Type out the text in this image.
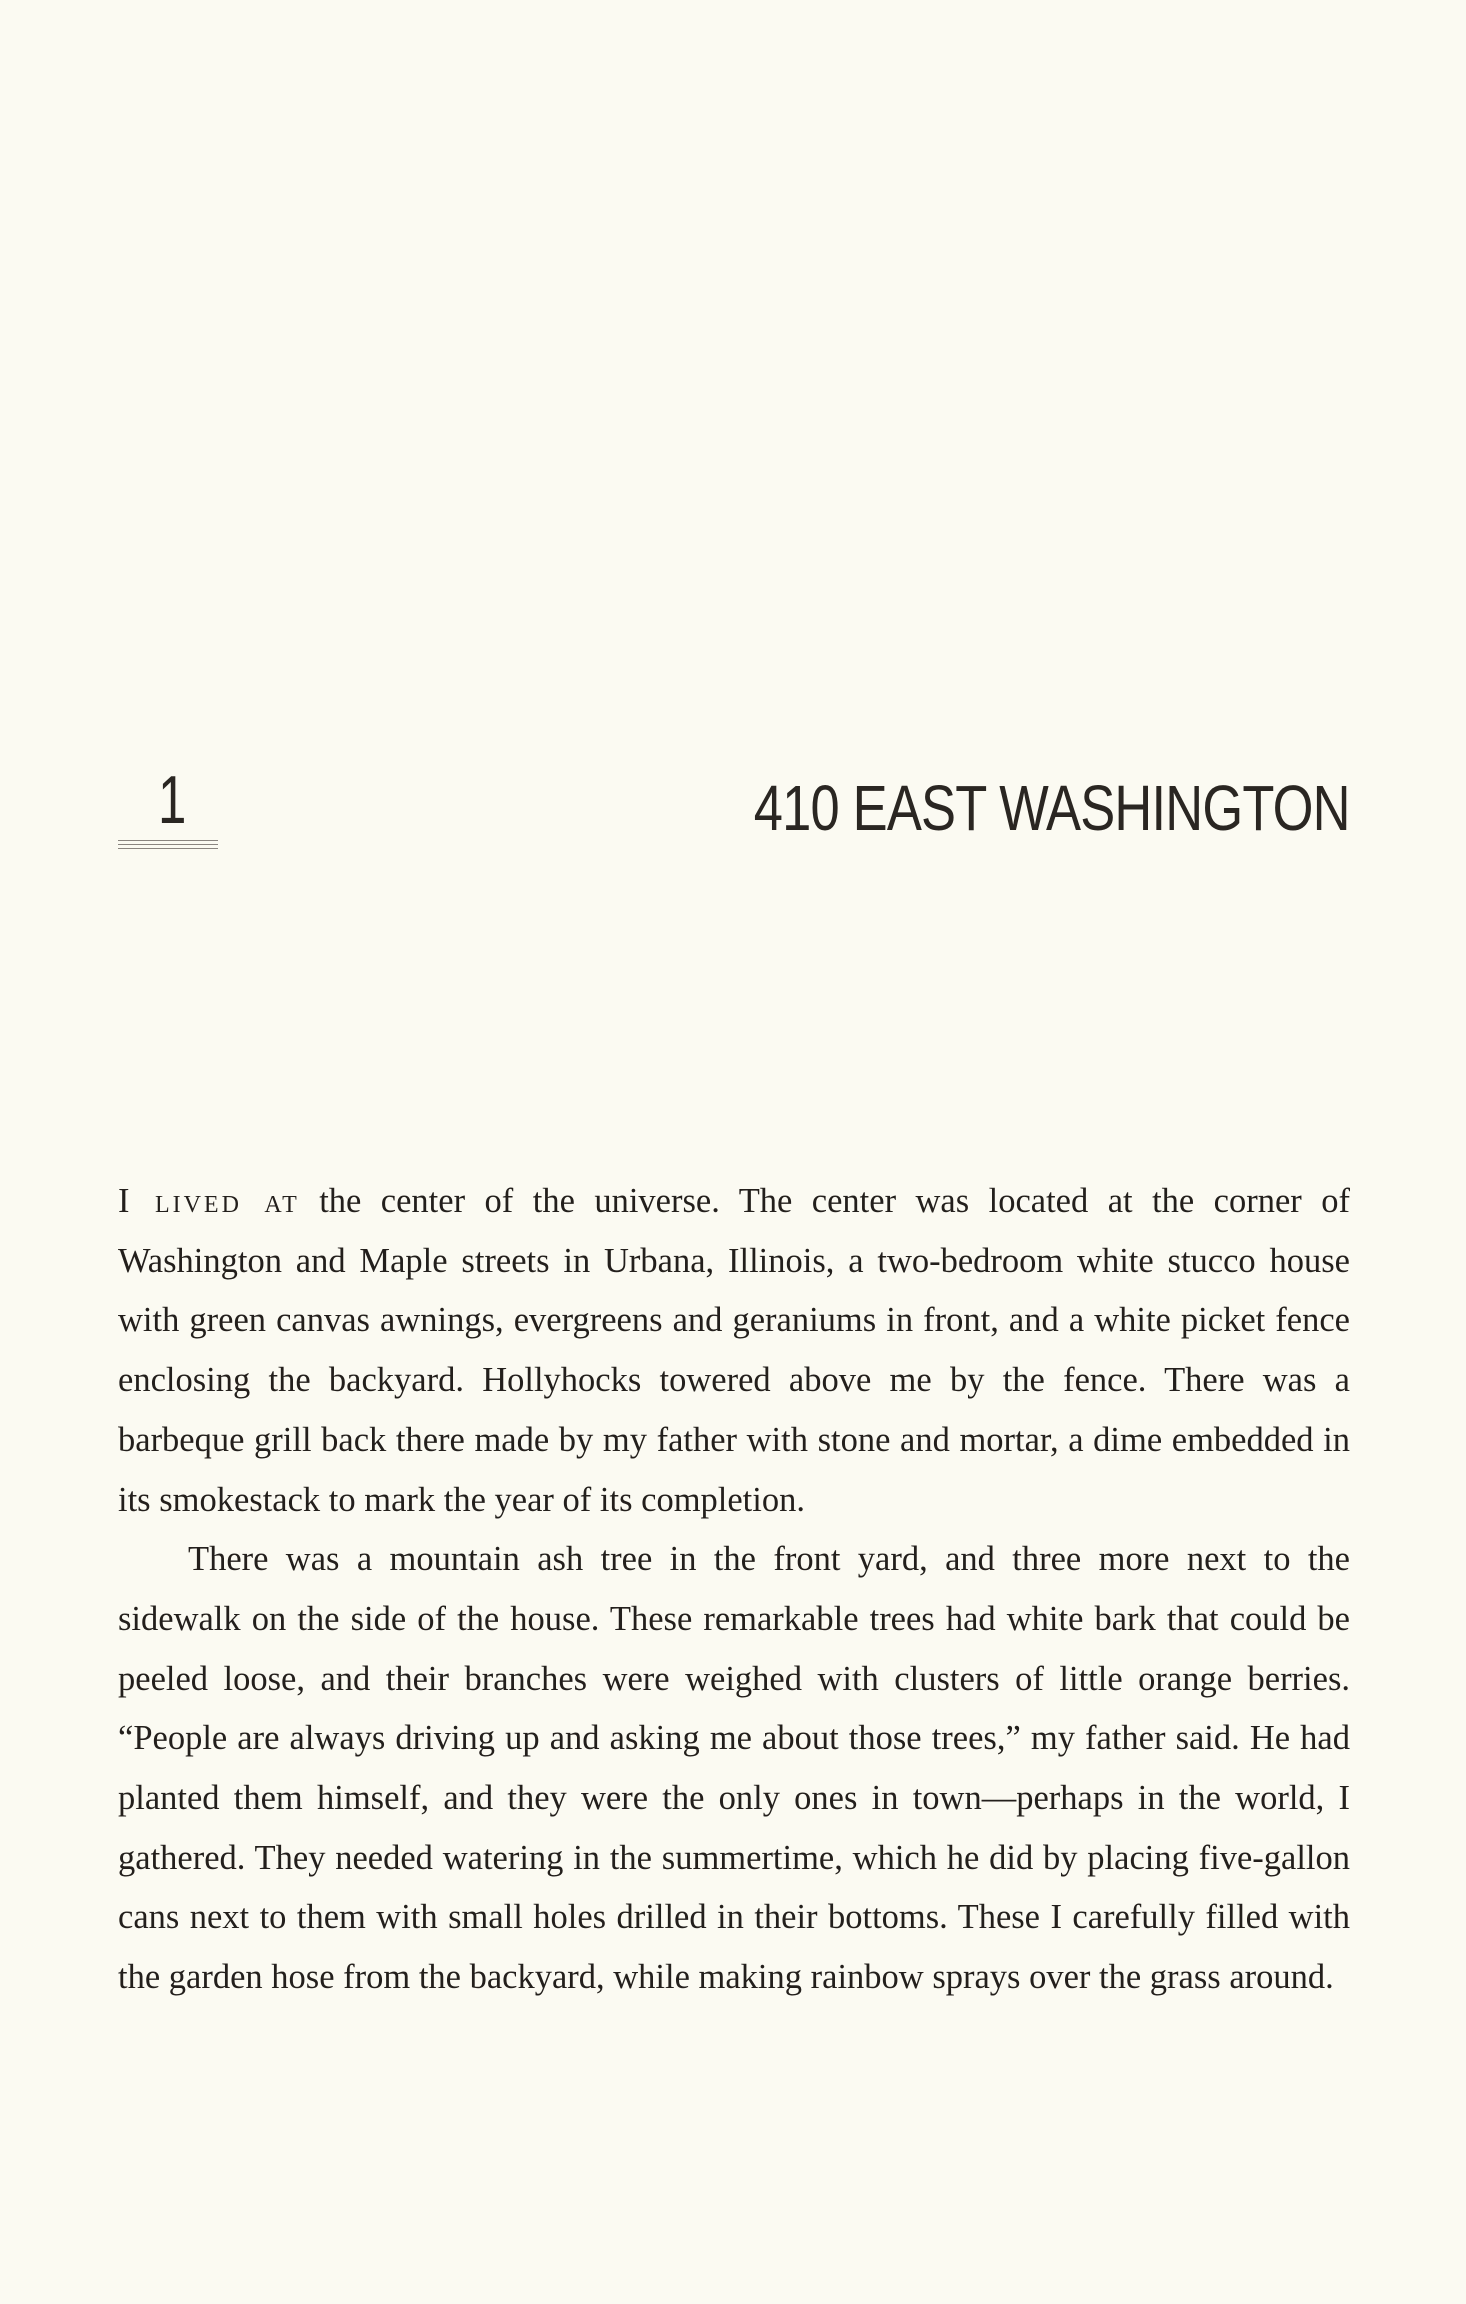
1	410 EAST WASHINGTON

I lived at the center of the universe. The center was located at the corner of Washington and Maple streets in Urbana, Illinois, a two-bedroom white stucco house with green canvas awnings, evergreens and geraniums in front, and a white picket fence enclosing the backyard. Hollyhocks towered above me by the fence. There was a barbeque grill back there made by my father with stone and mortar, a dime embedded in its smokestack to mark the year of its completion.

There was a mountain ash tree in the front yard, and three more next to the sidewalk on the side of the house. These remarkable trees had white bark that could be peeled loose, and their branches were weighed with clusters of little orange berries. “People are always driving up and asking me about those trees,” my father said. He had planted them himself, and they were the only ones in town—perhaps in the world, I gathered. They needed watering in the summertime, which he did by placing five-gallon cans next to them with small holes drilled in their bottoms. These I carefully filled with the garden hose from the backyard, while making rainbow sprays over the grass around.
